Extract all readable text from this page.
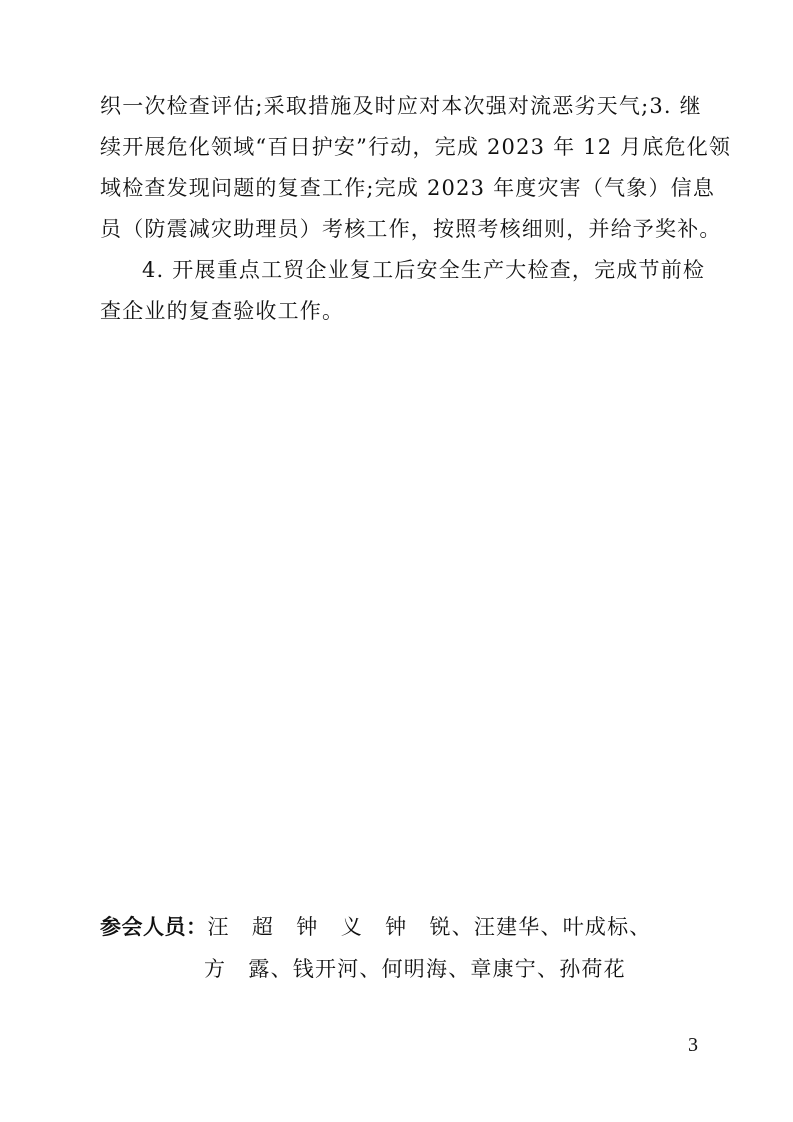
织一次检查评估;采取措施及时应对本次强对流恶劣天气;3. 继
续开展危化领域“百日护安”行动，完成 2023 年 12 月底危化领
域检查发现问题的复查工作;完成 2023 年度灾害（气象）信息
员（防震减灾助理员）考核工作，按照考核细则，并给予奖补。
4. 开展重点工贸企业复工后安全生产大检查，完成节前检
查企业的复查验收工作。
参会人员：汪　超　钟　义　钟　锐、汪建华、叶成标、
方　露、钱开河、何明海、章康宁、孙荷花
3
